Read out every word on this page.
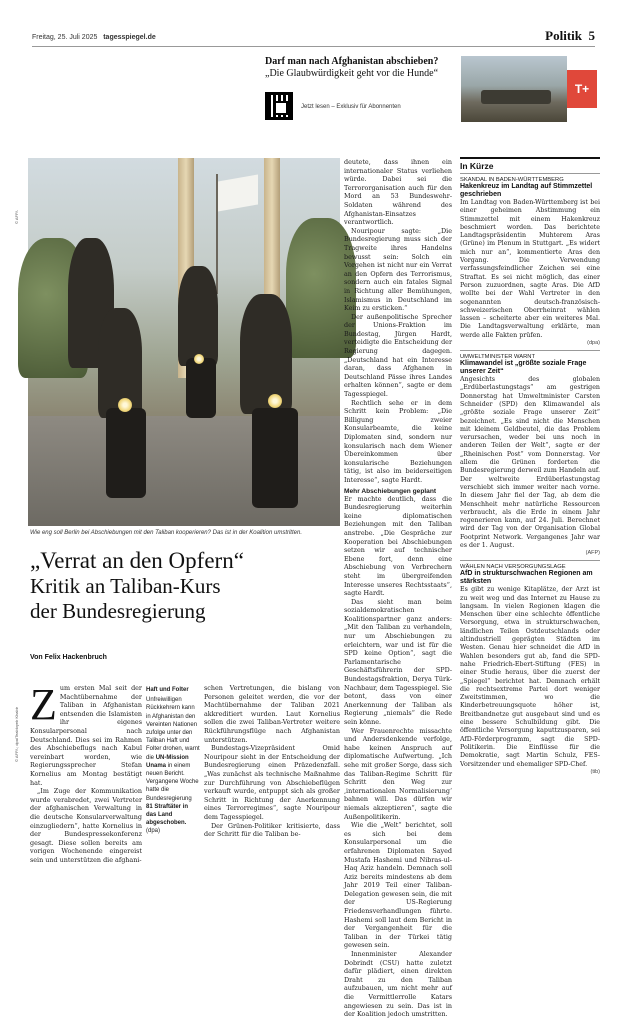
Freitag, 25. Juli 2025 tagesspiegel.de	Politik 5
Darf man nach Afghanistan abschieben?
„Die Glaubwürdigkeit geht vor die Hunde“
Jetzt lesen – Exklusiv für Abonnenten
T+
Wie eng soll Berlin bei Abschiebungen mit den Taliban kooperieren? Das ist in der Koalition umstritten.
© AFP/-
„Verrat an den Opfern“
Kritik an Taliban-Kurs
der Bundesregierung
Von Felix Hackenbruch
Z um ersten Mal seit der Machtübernahme der Taliban in Afghanistan entsenden die Islamisten ihr eigenes Konsularpersonal nach Deutschland. Dies sei im Rahmen des Abschiebeflugs nach Kabul vereinbart worden, wie Regierungssprecher Stefan Kornelius am Montag bestätigt hat.

„Im Zuge der Kommunikation wurde verabredet, zwei Vertreter der afghanischen Verwaltung in die deutsche Konsularverwaltung einzugliedern“, hatte Kornelius in der Bundespressekonferenz gesagt. Diese sollen bereits am vorigen Wochenende eingereist sein und unterstützen die afghani-

© AFP/-; dpa/Teabloyeb Khabir
Haft und Folter
Unfreiwilligen Rückkehrern kann in Afghanistan den Vereinten Nationen zufolge unter den Taliban Haft und Folter drohen, warnt die UN-Mission Unama in einem neuen Bericht. Vergangene Woche hatte die Bundesregierung 81 Straftäter in das Land abgeschoben. (dpa)

schen Vertretungen, die bislang von Personen geleitet werden, die vor der Machtübernahme der Taliban 2021 akkreditiert wurden. Laut Kornelius sollen die zwei Taliban-Vertreter weitere Rückführungsflüge nach Afghanistan unterstützen.

Bundestags-Vizepräsident Omid Nouripour sieht in der Entscheidung der Bundesregierung einen Präzedenzfall. „Was zunächst als technische Maßnahme zur Durchführung von Abschiebeflügen verkauft wurde, entpuppt sich als großer Schritt in Richtung der Anerkennung eines Terrorregimes“, sagte Nouripour dem Tagesspiegel.

Der Grünen-Politiker kritisierte, dass der Schritt für die Taliban be-

deutete, dass ihnen ein internationaler Status verliehen würde. Dabei sei die Terrororganisation auch für den Mord an 53 Bundeswehr-Soldaten während des Afghanistan-Einsatzes verantwortlich.

Nouripour sagte: „Die Bundesregierung muss sich der Tragweite ihres Handelns bewusst sein: Solch ein Vorgehen ist nicht nur ein Verrat an den Opfern des Terrorismus, sondern auch ein fatales Signal in Richtung aller Bemühungen, Islamismus in Deutschland im Keim zu ersticken.“

Der außenpolitische Sprecher der Unions-Fraktion im Bundestag, Jürgen Hardt, verteidigte die Entscheidung der Regierung dagegen. „Deutschland hat ein Interesse daran, dass Afghanen in Deutschland Pässe ihres Landes erhalten können“, sagte er dem Tagesspiegel.

Rechtlich sehe er in dem Schritt kein Problem: „Die Billigung zweier Konsularbeamte, die keine Diplomaten sind, sondern nur konsularisch nach dem Wiener Übereinkommen über konsularische Beziehungen tätig, ist also im beiderseitigen Interesse“, sagte Hardt.

Mehr Abschiebungen geplant

Er machte deutlich, dass die Bundesregierung weiterhin keine diplomatischen Beziehungen mit den Taliban anstrebe. „Die Gespräche zur Kooperation bei Abschiebungen setzen wir auf technischer Ebene fort, denn eine Abschiebung von Verbrechern steht im übergreifenden Interesse unseres Rechtsstaats“, sagte Hardt.

Das sieht man beim sozialdemokratischen Koalitionspartner ganz anders: „Mit den Taliban zu verhandeln, nur um Abschiebungen zu erleichtern, war und ist für die SPD keine Option“, sagt die Parlamentarische Geschäftsführerin der SPD-Bundestagsfraktion, Derya Türk-Nachbaur, dem Tagesspiegel. Sie betont, dass von einer Anerkennung der Taliban als Regierung „niemals“ die Rede sein könne.

Wer Frauenrechte missachte und Andersdenkende verfolge, habe keinen Anspruch auf diplomatische Aufwertung. „Ich sehe mit großer Sorge, dass sich das Taliban-Regime Schritt für Schritt den Weg zur ‚internationalen Normalisierung‘ bahnen will. Das dürfen wir niemals akzeptieren“, sagte die Außenpolitikerin.

Wie die „Welt“ berichtet, soll es sich bei dem Konsularpersonal um die erfahrenen Diplomaten Sayed Mustafa Hashemi und Nibras-ul-Haq Aziz handeln. Demnach soll Aziz bereits mindestens ab dem Jahr 2019 Teil einer Taliban-Delegation gewesen sein, die mit der US-Regierung Friedensverhandlungen führte. Hashemi soll laut dem Bericht in der Vergangenheit für die Taliban in der Türkei tätig gewesen sein.

Innenminister Alexander Dobrindt (CSU) hatte zuletzt dafür plädiert, einen direkten Draht zu den Taliban aufzubauen, um nicht mehr auf die Vermittlerrolle Katars angewiesen zu sein. Das ist in der Koalition jedoch umstritten.

In Kürze
SKANDAL IN BADEN-WÜRTTEMBERG
Hakenkreuz im Landtag auf Stimmzettel geschrieben
Im Landtag von Baden-Württemberg ist bei einer geheimen Abstimmung ein Stimmzettel mit einem Hakenkreuz beschmiert worden. Das berichtete Landtagspräsidentin Muhterem Aras (Grüne) im Plenum in Stuttgart. „Es widert mich nur an“, kommentierte Aras den Vorgang. Die Verwendung verfassungsfeindlicher Zeichen sei eine Straftat. Es sei nicht möglich, das einer Person zuzuordnen, sagte Aras. Die AfD wollte bei der Wahl Vertreter in den sogenannten deutsch-französisch-schweizerischen Oberrheinrat wählen lassen – scheiterte aber ein weiteres Mal. Die Landtagsverwaltung erklärte, man werde alle Fakten prüfen.
(dpa)
UMWELTMINISTER WARNT
Klimawandel ist „größte soziale Frage unserer Zeit“
Angesichts des globalen „Erdüberlastungstags“ am gestrigen Donnerstag hat Umweltminister Carsten Schneider (SPD) den Klimawandel als „größte soziale Frage unserer Zeit“ bezeichnet. „Es sind nicht die Menschen mit kleinem Geldbeutel, die das Problem verursachen, weder bei uns noch in anderen Teilen der Welt“, sagte er der „Rheinischen Post“ vom Donnerstag. Vor allem die Grünen forderten die Bundesregierung derweil zum Handeln auf. Der weltweite Erdüberlastungstag verschiebt sich immer weiter nach vorne. In diesem Jahr fiel der Tag, ab dem die Menschheit mehr natürliche Ressourcen verbraucht, als die Erde in einem Jahr regenerieren kann, auf 24. Juli. Berechnet wird der Tag von der Organisation Global Footprint Network. Vergangenes Jahr war es der 1. August.
(AFP)
WÄHLEN NACH VERSORGUNGSLAGE
AfD in strukturschwachen Regionen am stärksten
Es gibt zu wenige Kitaplätze, der Arzt ist zu weit weg und das Internet zu Hause zu langsam. In vielen Regionen klagen die Menschen über eine schlechte öffentliche Versorgung, etwa in strukturschwachen, ländlichen Teilen Ostdeutschlands oder altindustriell geprägten Städten im Westen. Genau hier schneidet die AfD in Wahlen besonders gut ab, fand die SPD-nahe Friedrich-Ebert-Stiftung (FES) in einer Studie heraus, über die zuerst der „Spiegel“ berichtet hat. Demnach erhält die rechtsextreme Partei dort weniger Zweitstimmen, wo die Kinderbetreuungsquote höher ist, Breitbandnetze gut ausgebaut sind und es eine bessere Schulbildung gibt. Die öffentliche Versorgung kaputtzusparen, sei AfD-Förderprogramm, sagt die SPD-Politikerin. Die Einflüsse für die Demokratie, sagt Martin Schulz, FES-Vorsitzender und ehemaliger SPD-Chef.
(tib)
